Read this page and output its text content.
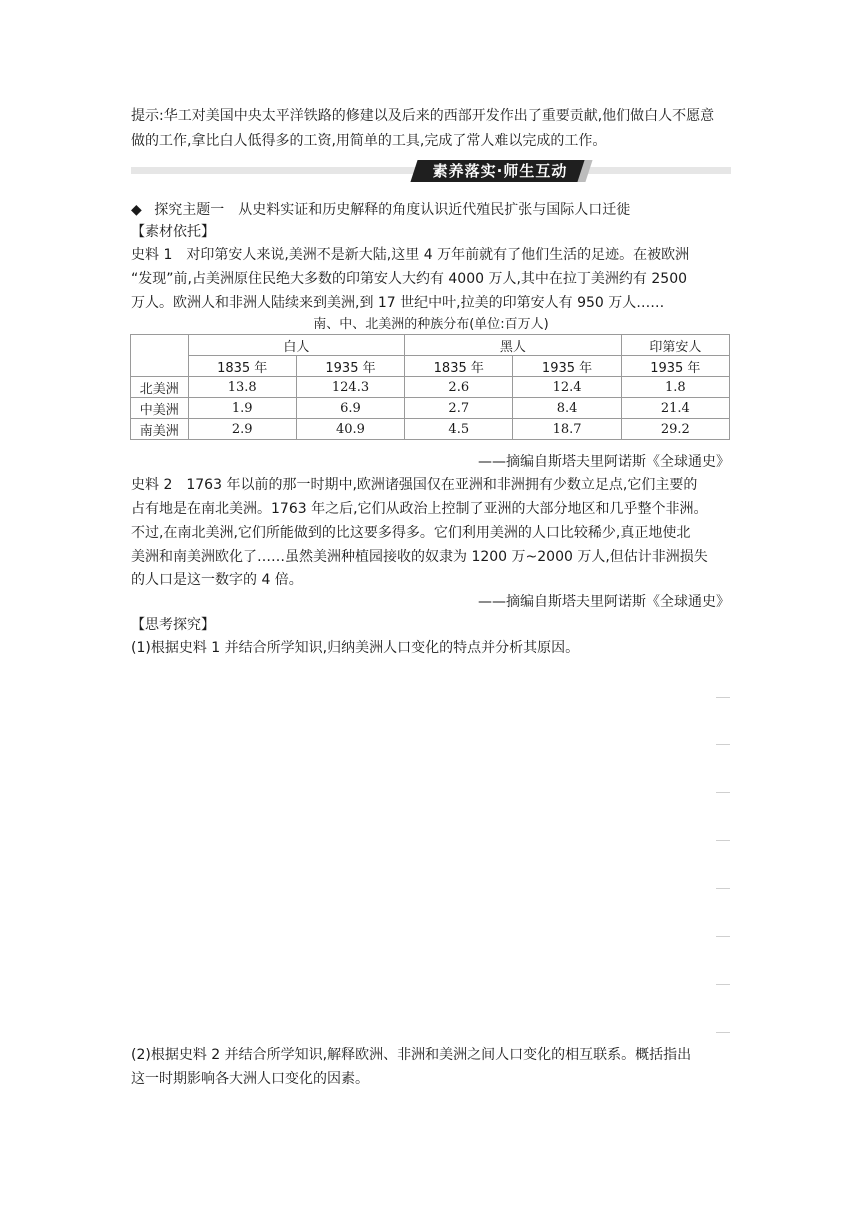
提示:华工对美国中央太平洋铁路的修建以及后来的西部开发作出了重要贡献,他们做白人不愿意
做的工作,拿比白人低得多的工资,用简单的工具,完成了常人难以完成的工作。
素养落实·师生互动
◆ 探究主题一　从史料实证和历史解释的角度认识近代殖民扩张与国际人口迁徙
【素材依托】
史料 1 对印第安人来说,美洲不是新大陆,这里 4 万年前就有了他们生活的足迹。在被欧洲
“发现”前,占美洲原住民绝大多数的印第安人大约有 4000 万人,其中在拉丁美洲约有 2500
万人。欧洲人和非洲人陆续来到美洲,到 17 世纪中叶,拉美的印第安人有 950 万人……
南、中、北美洲的种族分布(单位:百万人)
	白人		黑人		印第安人
	1835 年	1935 年	1835 年	1935 年	1935 年
北美洲	13.8	124.3	2.6	12.4	1.8
中美洲	1.9	6.9	2.7	8.4	21.4
南美洲	2.9	40.9	4.5	18.7	29.2
——摘编自斯塔夫里阿诺斯《全球通史》
史料 2 1763 年以前的那一时期中,欧洲诸强国仅在亚洲和非洲拥有少数立足点,它们主要的
占有地是在南北美洲。1763 年之后,它们从政治上控制了亚洲的大部分地区和几乎整个非洲。
不过,在南北美洲,它们所能做到的比这要多得多。它们利用美洲的人口比较稀少,真正地使北
美洲和南美洲欧化了……虽然美洲种植园接收的奴隶为 1200 万~2000 万人,但估计非洲损失
的人口是这一数字的 4 倍。
——摘编自斯塔夫里阿诺斯《全球通史》
【思考探究】
(1)根据史料 1 并结合所学知识,归纳美洲人口变化的特点并分析其原因。
(2)根据史料 2 并结合所学知识,解释欧洲、非洲和美洲之间人口变化的相互联系。概括指出
这一时期影响各大洲人口变化的因素。
